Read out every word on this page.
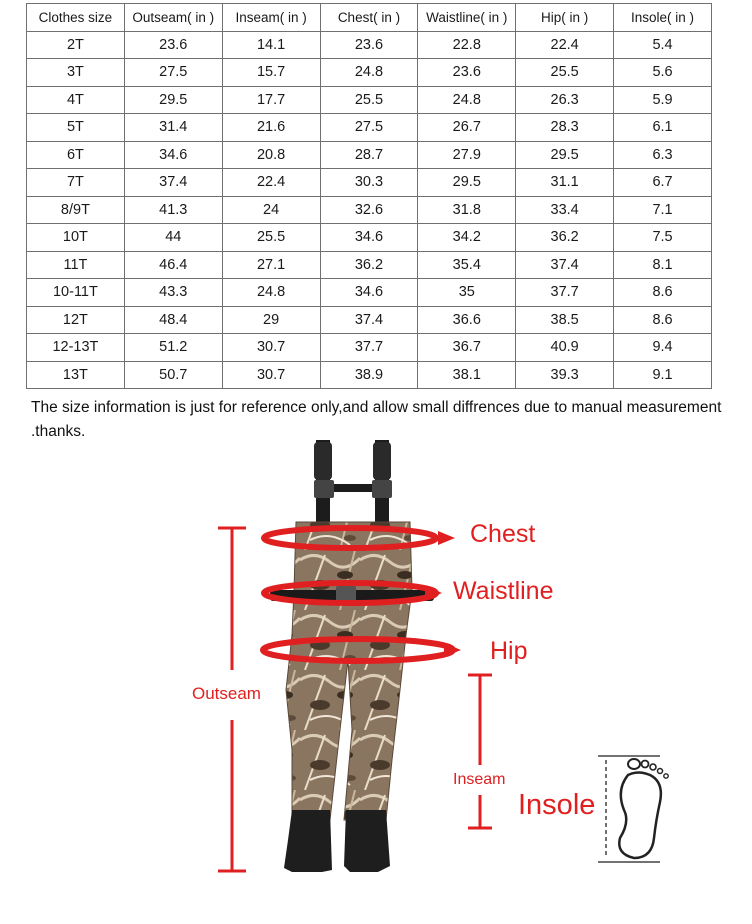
Clothes size	Outseam( in )	Inseam( in )	Chest( in )	Waistline( in )	Hip( in )	Insole( in )
2T	23.6	14.1	23.6	22.8	22.4	5.4
3T	27.5	15.7	24.8	23.6	25.5	5.6
4T	29.5	17.7	25.5	24.8	26.3	5.9
5T	31.4	21.6	27.5	26.7	28.3	6.1
6T	34.6	20.8	28.7	27.9	29.5	6.3
7T	37.4	22.4	30.3	29.5	31.1	6.7
8/9T	41.3	24	32.6	31.8	33.4	7.1
10T	44	25.5	34.6	34.2	36.2	7.5
11T	46.4	27.1	36.2	35.4	37.4	8.1
10-11T	43.3	24.8	34.6	35	37.7	8.6
12T	48.4	29	37.4	36.6	38.5	8.6
12-13T	51.2	30.7	37.7	36.7	40.9	9.4
13T	50.7	30.7	38.9	38.1	39.3	9.1
The size information is just for reference only,and allow small diffrences due to manual measurement .thanks.
Chest
Waistline
Hip
Outseam
Inseam
Insole
